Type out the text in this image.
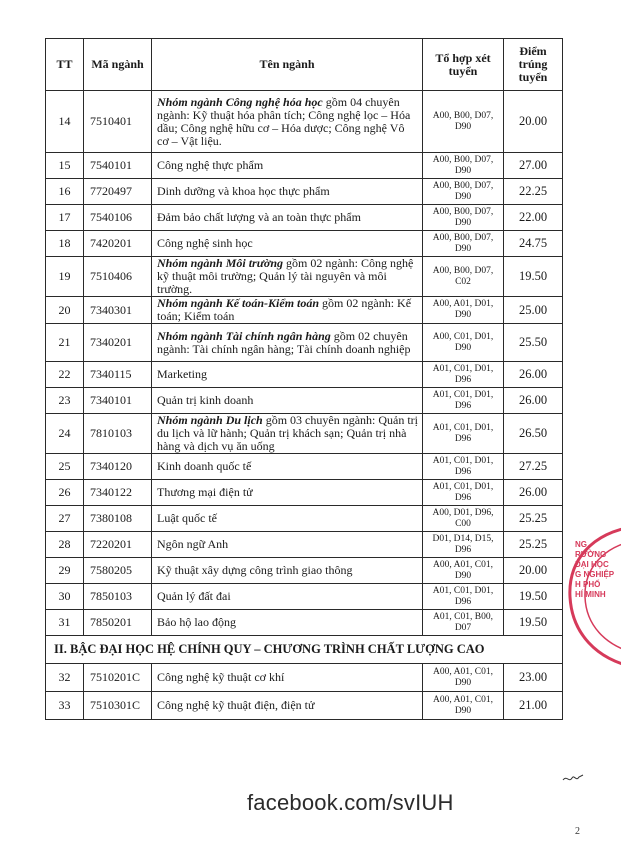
TT	Mã ngành	Tên ngành	Tổ hợp xét tuyển	Điểm trúng tuyển
14	7510401	Nhóm ngành Công nghệ hóa học gồm 04 chuyên ngành: Kỹ thuật hóa phân tích; Công nghệ lọc – Hóa dầu; Công nghệ hữu cơ – Hóa dược; Công nghệ Vô cơ – Vật liệu.	A00, B00, D07, D90	20.00
15	7540101	Công nghệ thực phẩm	A00, B00, D07, D90	27.00
16	7720497	Dinh dưỡng và khoa học thực phẩm	A00, B00, D07, D90	22.25
17	7540106	Đảm bảo chất lượng và an toàn thực phẩm	A00, B00, D07, D90	22.00
18	7420201	Công nghệ sinh học	A00, B00, D07, D90	24.75
19	7510406	Nhóm ngành Môi trường gồm 02 ngành: Công nghệ kỹ thuật môi trường; Quản lý tài nguyên và môi trường.	A00, B00, D07, C02	19.50
20	7340301	Nhóm ngành Kế toán-Kiểm toán gồm 02 ngành: Kế toán; Kiểm toán	A00, A01, D01, D90	25.00
21	7340201	Nhóm ngành Tài chính ngân hàng gồm 02 chuyên ngành: Tài chính ngân hàng; Tài chính doanh nghiệp	A00, C01, D01, D90	25.50
22	7340115	Marketing	A01, C01, D01, D96	26.00
23	7340101	Quản trị kinh doanh	A01, C01, D01, D96	26.00
24	7810103	Nhóm ngành Du lịch gồm 03 chuyên ngành: Quản trị du lịch và lữ hành; Quản trị khách sạn; Quản trị nhà hàng và dịch vụ ăn uống	A01, C01, D01, D96	26.50
25	7340120	Kinh doanh quốc tế	A01, C01, D01, D96	27.25
26	7340122	Thương mại điện tử	A01, C01, D01, D96	26.00
27	7380108	Luật quốc tế	A00, D01, D96, C00	25.25
28	7220201	Ngôn ngữ Anh	D01, D14, D15, D96	25.25
29	7580205	Kỹ thuật xây dựng công trình giao thông	A00, A01, C01, D90	20.00
30	7850103	Quản lý đất đai	A01, C01, D01, D96	19.50
31	7850201	Bảo hộ lao động	A01, C01, B00, D07	19.50
II. BẬC ĐẠI HỌC HỆ CHÍNH QUY – CHƯƠNG TRÌNH CHẤT LƯỢNG CAO				
32	7510201C	Công nghệ kỹ thuật cơ khí	A00, A01, C01, D90	23.00
33	7510301C	Công nghệ kỹ thuật điện, điện tử	A00, A01, C01, D90	21.00
NG
RƯỜNG
ĐẠI HỌC
G NGHIỆP
H PHỐ
HÍ MINH
facebook.com/svIUH
2
